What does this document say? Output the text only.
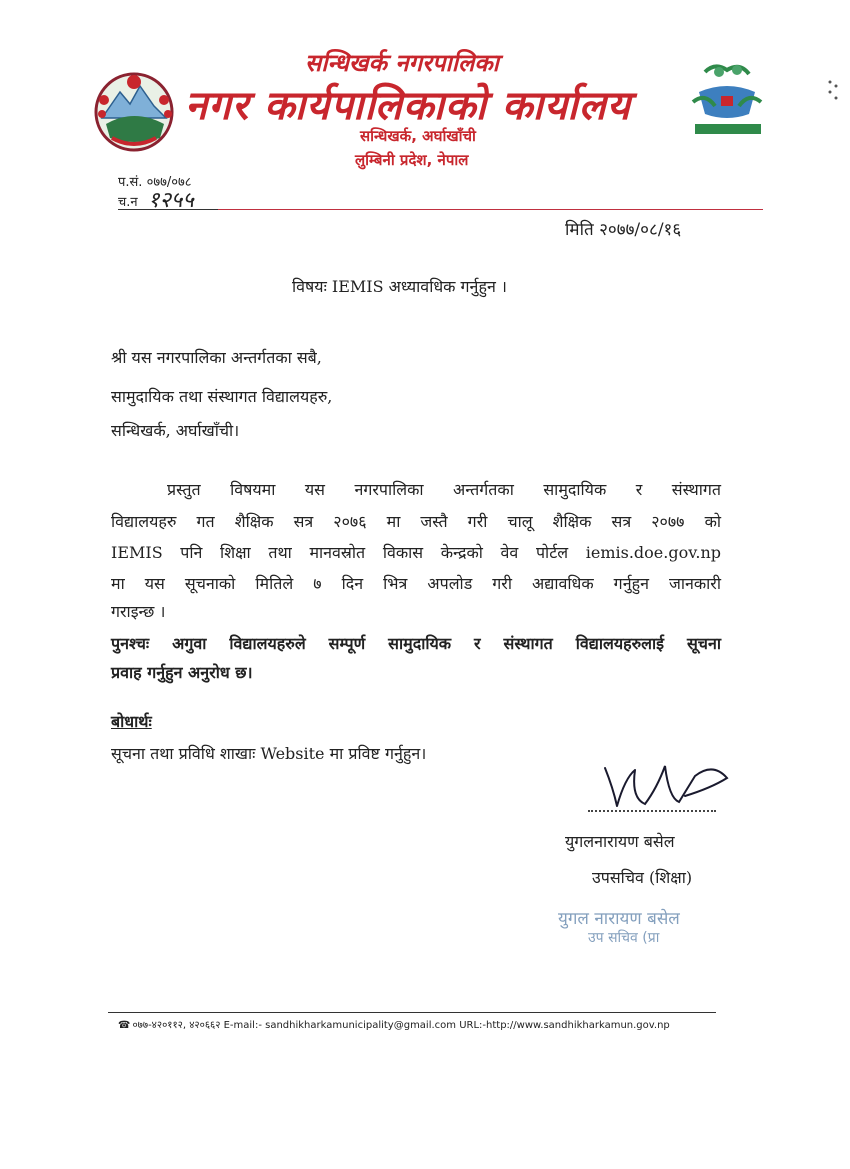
सन्धिखर्क नगरपालिका
नगर कार्यपालिकाको कार्यालय
सन्धिखर्क, अर्घाखाँची
लुम्बिनी प्रदेश, नेपाल
प.सं. ०७७/०७८
च.न १२५५
मिति २०७७/०८/१६
विषयः IEMIS अध्यावधिक गर्नुहुन ।
श्री यस नगरपालिका अन्तर्गतका सबै,
सामुदायिक तथा संस्थागत विद्यालयहरु,
सन्धिखर्क, अर्घाखाँची।
प्रस्तुत विषयमा यस नगरपालिका अन्तर्गतका सामुदायिक र संस्थागत
विद्यालयहरु गत शैक्षिक सत्र २०७६ मा जस्तै गरी चालू शैक्षिक सत्र २०७७ को
IEMIS पनि शिक्षा तथा मानवस्रोत विकास केन्द्रको वेव पोर्टल iemis.doe.gov.np
मा यस सूचनाको मितिले ७ दिन भित्र अपलोड गरी अद्यावधिक गर्नुहुन जानकारी
गराइन्छ ।
पुनश्चः अगुवा विद्यालयहरुले सम्पूर्ण सामुदायिक र संस्थागत विद्यालयहरुलाई सूचना
प्रवाह गर्नुहुन अनुरोध छ।
बोधार्थः
सूचना तथा प्रविधि शाखाः Website मा प्रविष्ट गर्नुहुन।
युगलनारायण बसेल
उपसचिव (शिक्षा)
युगल नारायण बसेल
उप सचिव (प्रा
☎ ०७७-४२०११२, ४२०६६२ E-mail:- sandhikharkamunicipality@gmail.com URL:-http://www.sandhikharkamun.gov.np
